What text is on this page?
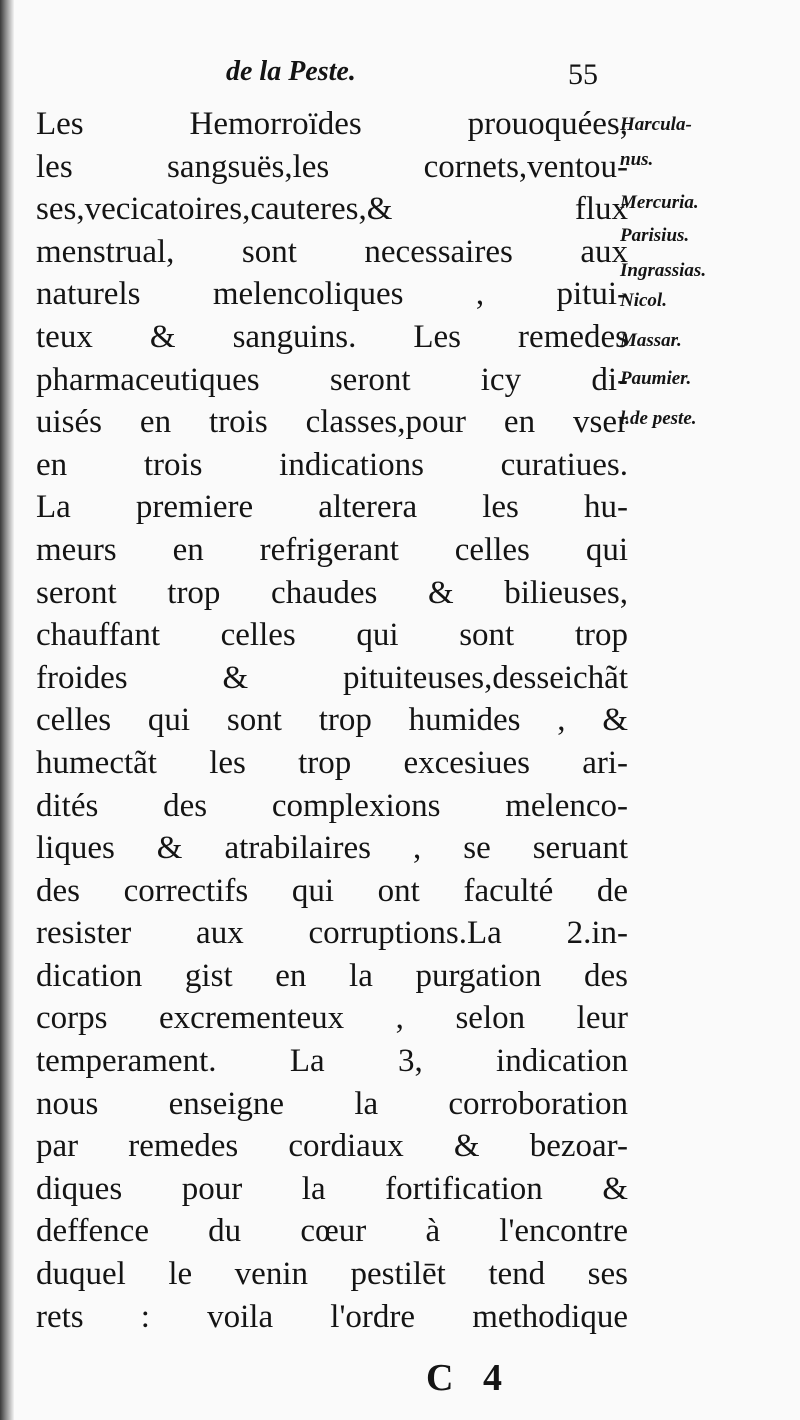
de la Peste.	55
Les Hemorroïdes prouoquées,
les sangsuës,les cornets,ventou-
ses,vecicatoires,cauteres,& flux
menstrual, sont necessaires aux
naturels melencoliques , pitui-
teux & sanguins. Les remedes
pharmaceutiques seront icy di-
uisés en trois classes,pour en vser
en trois indications curatiues.
La premiere alterera les hu-
meurs en refrigerant celles qui
seront trop chaudes & bilieuses,
chauffant celles qui sont trop
froides & pituiteuses,desseichãt
celles qui sont trop humides , &
humectãt les trop excesiues ari-
dités des complexions melenco-
liques & atrabilaires , se seruant
des correctifs qui ont faculté de
resister aux corruptions.La 2.in-
dication gist en la purgation des
corps excrementeux , selon leur
temperament. La 3, indication
nous enseigne la corroboration
par remedes cordiaux & bezoar-
diques pour la fortification &
deffence du cœur à l'encontre
duquel le venin pestilēt tend ses
rets : voila l'ordre methodique
Harcula-
nus.
Mercuria.
Parisius.
Ingrassias.
Nicol.
Massar.
Paumier.
l.de peste.
C 4
